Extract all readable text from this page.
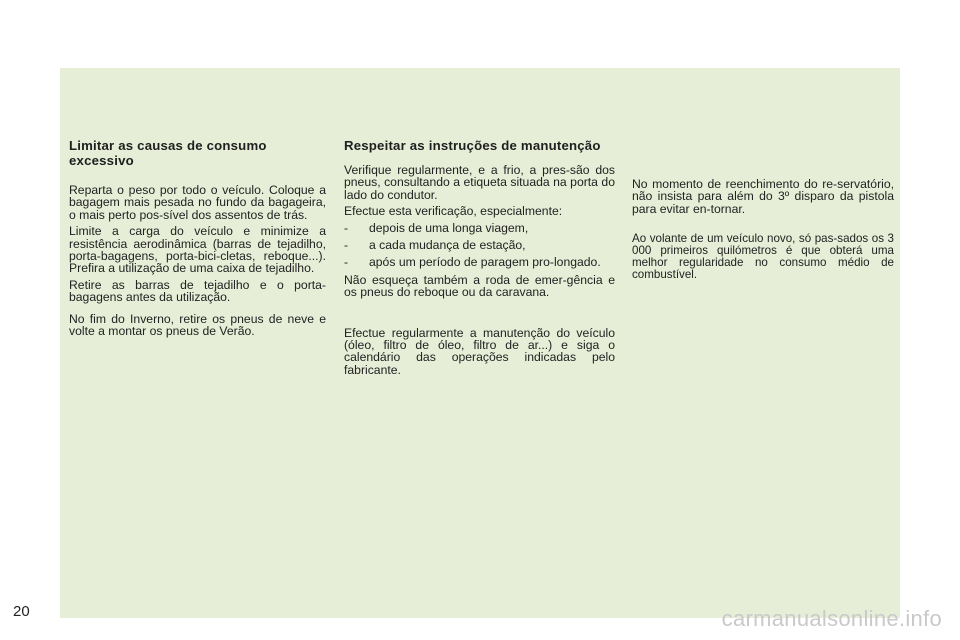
Limitar as causas de consumo excessivo

Reparta o peso por todo o veículo. Coloque a bagagem mais pesada no fundo da bagageira, o mais perto pos-sível dos assentos de trás.

Limite a carga do veículo e minimize a resistência aerodinâmica (barras de tejadilho, porta-bagagens, porta-bici-cletas, reboque...). Prefira a utilização de uma caixa de tejadilho.

Retire as barras de tejadilho e o porta-bagagens antes da utilização.

No fim do Inverno, retire os pneus de neve e volte a montar os pneus de Verão.

Respeitar as instruções de manutenção

Verifique regularmente, e a frio, a pres-são dos pneus, consultando a etiqueta situada na porta do lado do condutor.

Efectue esta verificação, especialmente:

- depois de uma longa viagem,
- a cada mudança de estação,
- após um período de paragem pro-longado.

Não esqueça também a roda de emer-gência e os pneus do reboque ou da caravana.

Efectue regularmente a manutenção do veículo (óleo, filtro de óleo, filtro de ar...) e siga o calendário das operações indicadas pelo fabricante.

No momento de reenchimento do re-servatório, não insista para além do 3º disparo da pistola para evitar en-tornar.

Ao volante de um veículo novo, só pas-sados os 3 000 primeiros quilómetros é que obterá uma melhor regularidade no consumo médio de combustível.

20	carmanualsonline.info
